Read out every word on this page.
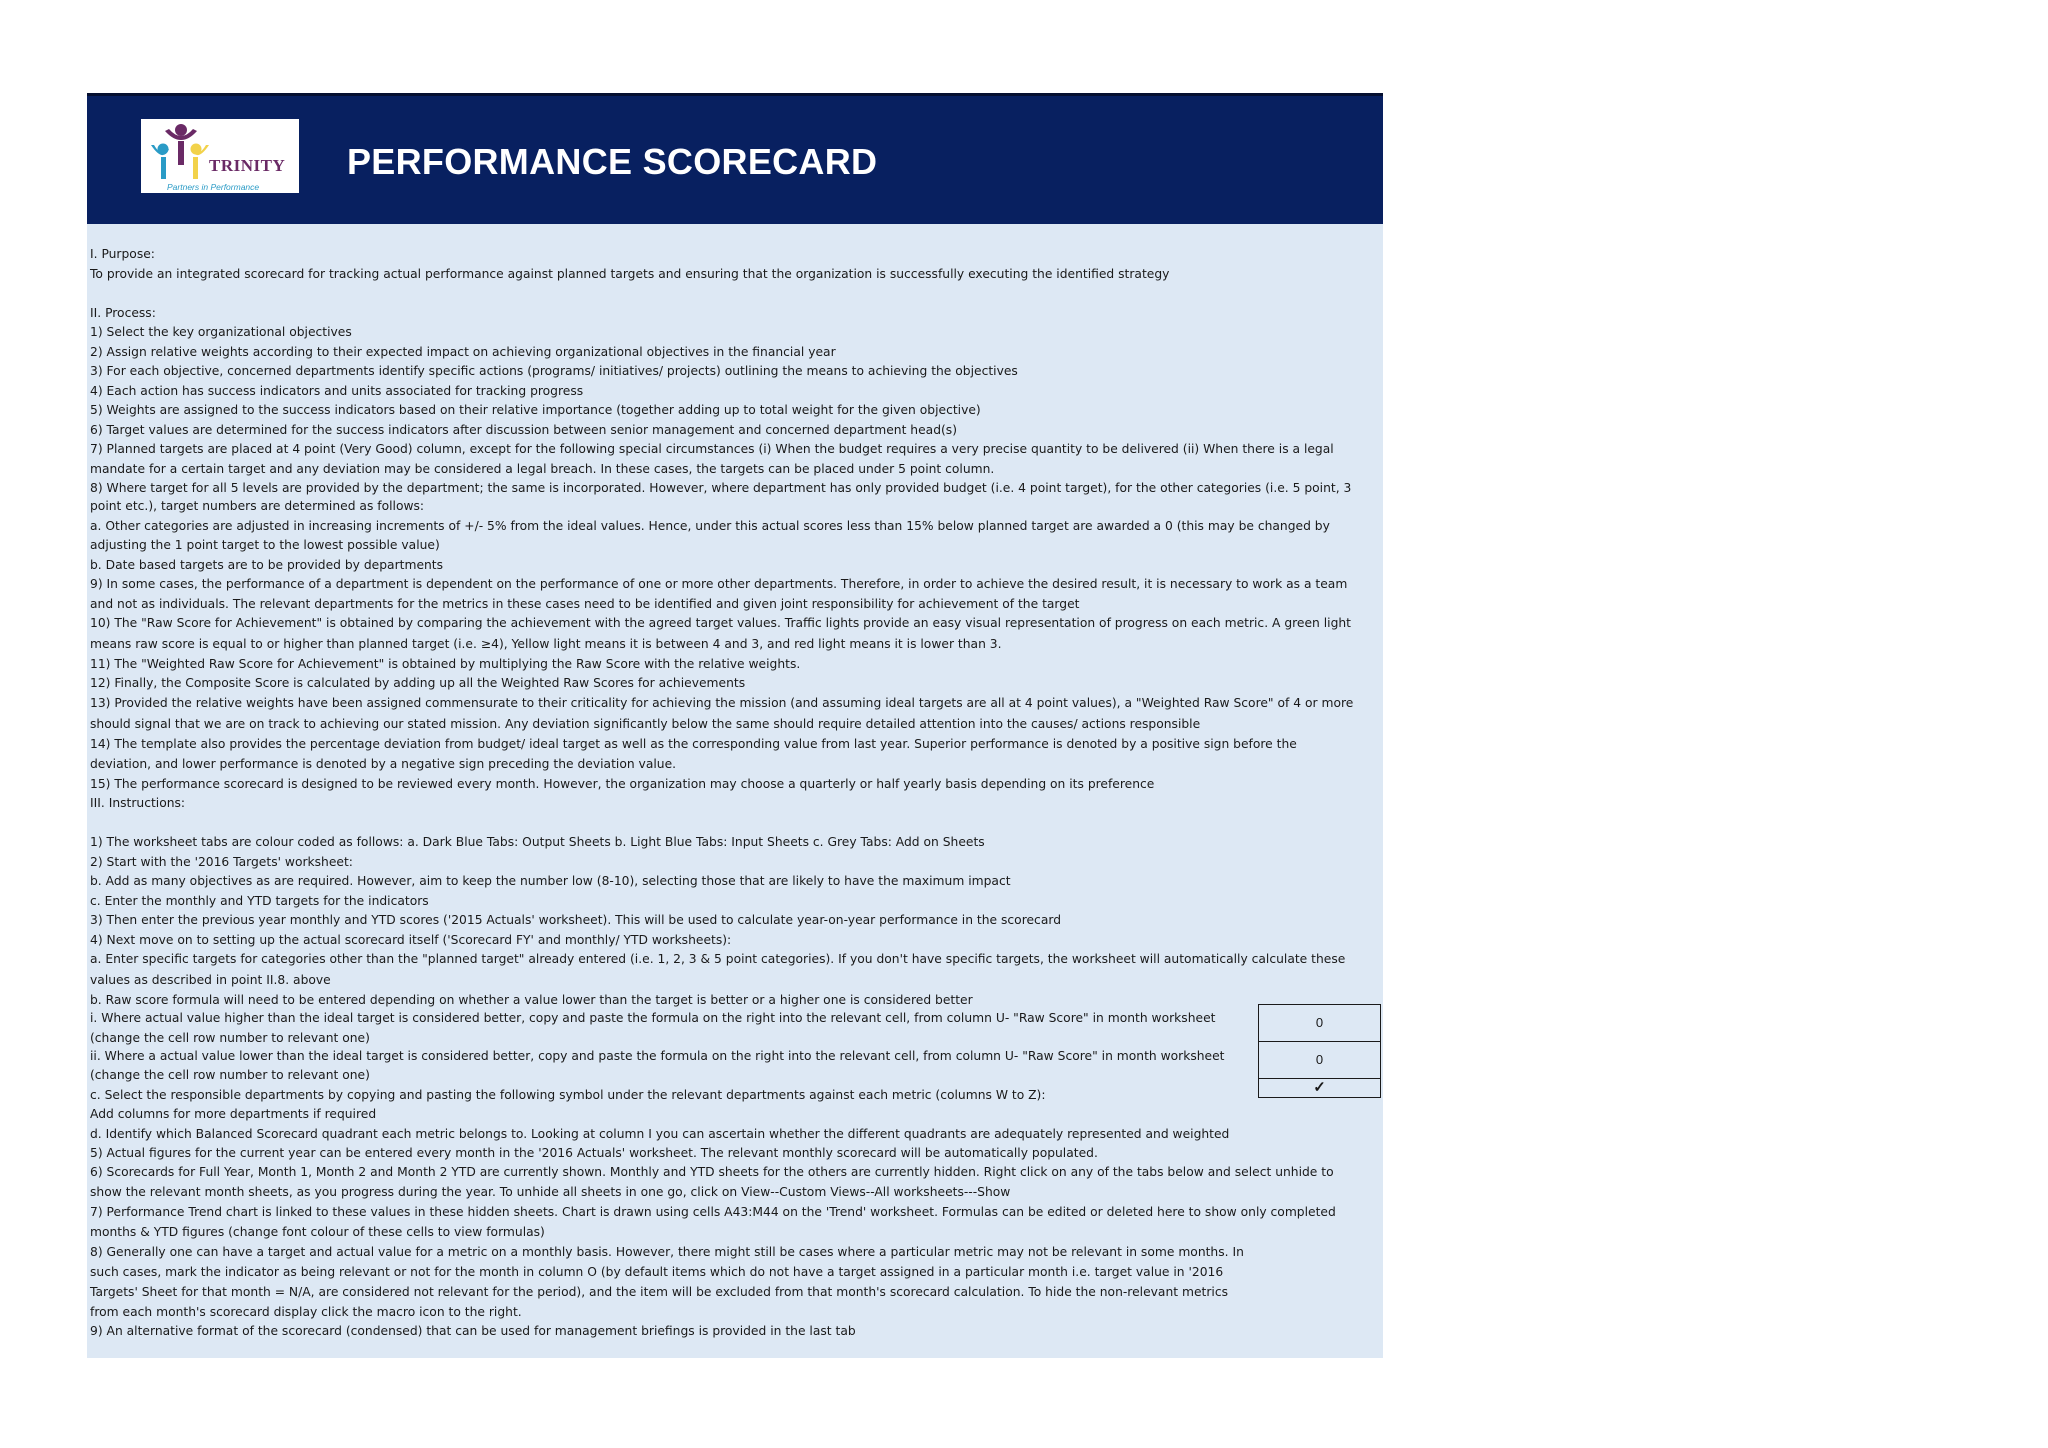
TRINITY
Partners in Performance
PERFORMANCE SCORECARD
I. Purpose:
To provide an integrated scorecard for tracking actual performance against planned targets and ensuring that the organization is successfully executing the identified strategy
II. Process:
1) Select the key organizational objectives
2) Assign relative weights according to their expected impact on achieving organizational objectives in the financial year
3) For each objective, concerned departments identify specific actions (programs/ initiatives/ projects) outlining the means to achieving the objectives
4) Each action has success indicators and units associated for tracking progress
5) Weights are assigned to the success indicators based on their relative importance (together adding up to total weight for the given objective)
6) Target values are determined for the success indicators after discussion between senior management and concerned department head(s)
7) Planned targets are placed at 4 point (Very Good) column, except for the following special circumstances (i) When the budget requires a very precise quantity to be delivered (ii) When there is a legal
mandate for a certain target and any deviation may be considered a legal breach. In these cases, the targets can be placed under 5 point column.
8) Where target for all 5 levels are provided by the department; the same is incorporated. However, where department has only provided budget (i.e. 4 point target), for the other categories (i.e. 5 point, 3
point etc.), target numbers are determined as follows:
a. Other categories are adjusted in increasing increments of +/- 5% from the ideal values. Hence, under this actual scores less than 15% below planned target are awarded a 0 (this may be changed by
adjusting the 1 point target to the lowest possible value)
b. Date based targets are to be provided by departments
9) In some cases, the performance of a department is dependent on the performance of one or more other departments. Therefore, in order to achieve the desired result, it is necessary to work as a team
and not as individuals. The relevant departments for the metrics in these cases need to be identified and given joint responsibility for achievement of the target
10) The "Raw Score for Achievement" is obtained by comparing the achievement with the agreed target values. Traffic lights provide an easy visual representation of progress on each metric. A green light
means raw score is equal to or higher than planned target (i.e. ≥4), Yellow light means it is between 4 and 3, and red light means it is lower than 3.
11) The "Weighted Raw Score for Achievement" is obtained by multiplying the Raw Score with the relative weights.
12) Finally, the Composite Score is calculated by adding up all the Weighted Raw Scores for achievements
13) Provided the relative weights have been assigned commensurate to their criticality for achieving the mission (and assuming ideal targets are all at 4 point values), a "Weighted Raw Score" of 4 or more
should signal that we are on track to achieving our stated mission. Any deviation significantly below the same should require detailed attention into the causes/ actions responsible
14) The template also provides the percentage deviation from budget/ ideal target as well as the corresponding value from last year. Superior performance is denoted by a positive sign before the
deviation, and lower performance is denoted by a negative sign preceding the deviation value.
15) The performance scorecard is designed to be reviewed every month. However, the organization may choose a quarterly or half yearly basis depending on its preference
III. Instructions:
1) The worksheet tabs are colour coded as follows: a. Dark Blue Tabs: Output Sheets b. Light Blue Tabs: Input Sheets c. Grey Tabs: Add on Sheets
2) Start with the '2016 Targets' worksheet:
b. Add as many objectives as are required. However, aim to keep the number low (8-10), selecting those that are likely to have the maximum impact
c. Enter the monthly and YTD targets for the indicators
3) Then enter the previous year monthly and YTD scores ('2015 Actuals' worksheet). This will be used to calculate year-on-year performance in the scorecard
4) Next move on to setting up the actual scorecard itself ('Scorecard FY' and monthly/ YTD worksheets):
a. Enter specific targets for categories other than the "planned target" already entered (i.e. 1, 2, 3 & 5 point categories). If you don't have specific targets, the worksheet will automatically calculate these
values as described in point II.8. above
b. Raw score formula will need to be entered depending on whether a value lower than the target is better or a higher one is considered better
i. Where actual value higher than the ideal target is considered better, copy and paste the formula on the right into the relevant cell, from column U- "Raw Score" in month worksheet
(change the cell row number to relevant one)
ii. Where a actual value lower than the ideal target is considered better, copy and paste the formula on the right into the relevant cell, from column U- "Raw Score" in month worksheet
(change the cell row number to relevant one)
c. Select the responsible departments by copying and pasting the following symbol under the relevant departments against each metric (columns W to Z):
Add columns for more departments if required
d. Identify which Balanced Scorecard quadrant each metric belongs to. Looking at column I you can ascertain whether the different quadrants are adequately represented and weighted
5) Actual figures for the current year can be entered every month in the '2016 Actuals' worksheet. The relevant monthly scorecard will be automatically populated.
6) Scorecards for Full Year, Month 1, Month 2 and Month 2 YTD are currently shown. Monthly and YTD sheets for the others are currently hidden. Right click on any of the tabs below and select unhide to
show the relevant month sheets, as you progress during the year. To unhide all sheets in one go, click on View--Custom Views--All worksheets---Show
7) Performance Trend chart is linked to these values in these hidden sheets. Chart is drawn using cells A43:M44 on the 'Trend' worksheet. Formulas can be edited or deleted here to show only completed
months & YTD figures (change font colour of these cells to view formulas)
8) Generally one can have a target and actual value for a metric on a monthly basis. However, there might still be cases where a particular metric may not be relevant in some months. In
such cases, mark the indicator as being relevant or not for the month in column O (by default items which do not have a target assigned in a particular month i.e. target value in '2016
Targets' Sheet for that month = N/A, are considered not relevant for the period), and the item will be excluded from that month's scorecard calculation. To hide the non-relevant metrics
from each month's scorecard display click the macro icon to the right.
9) An alternative format of the scorecard (condensed) that can be used for management briefings is provided in the last tab
0
0
✓
